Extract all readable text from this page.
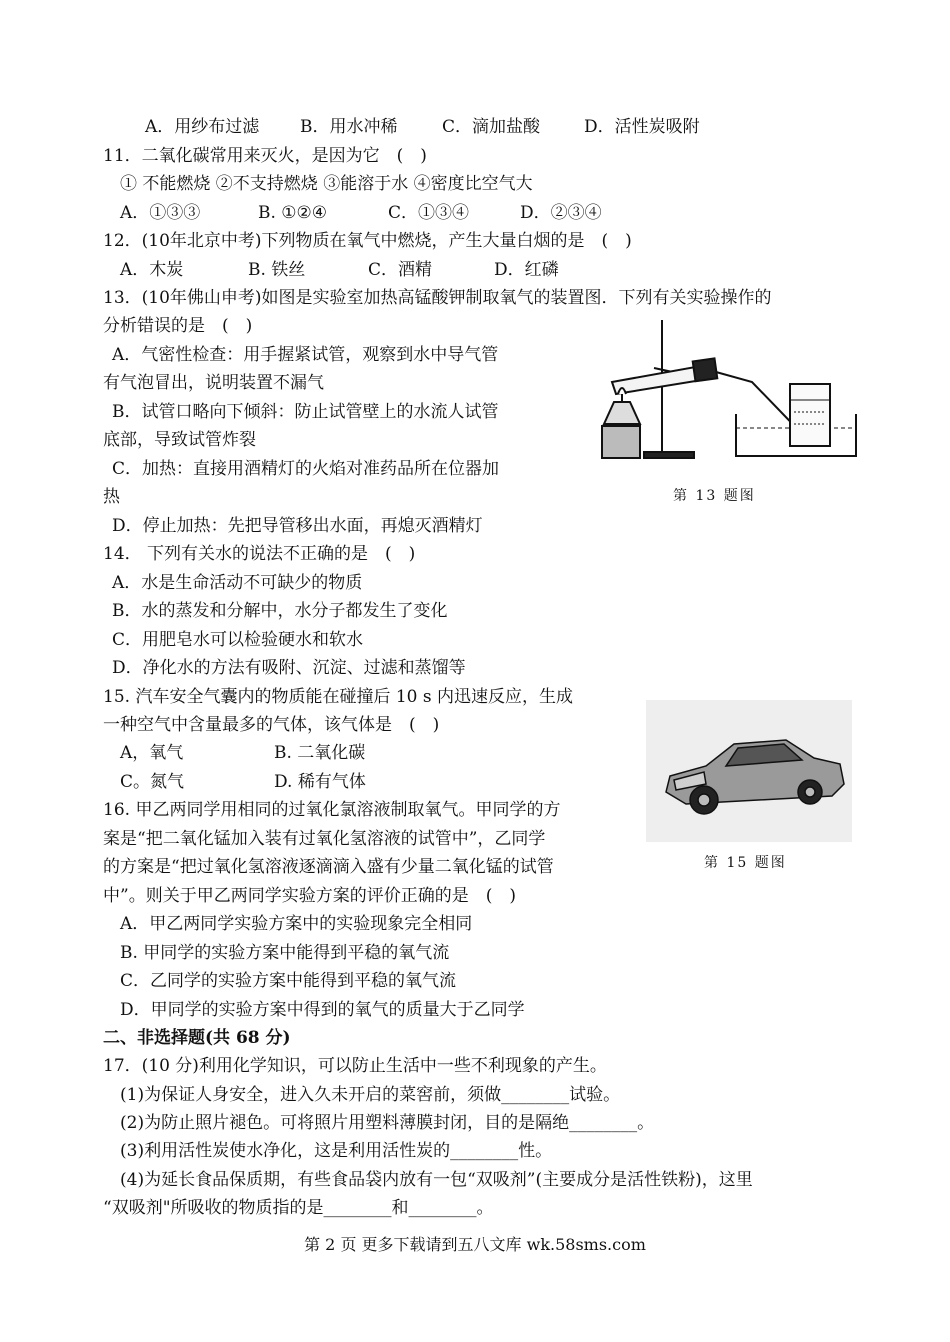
A．用纱布过滤 B．用水冲稀	C．滴加盐酸	D．活性炭吸附
11．二氧化碳常用来灭火，是因为它　(　)
① 不能燃烧 ②不支持燃烧 ③能溶于水 ④密度比空气大
A．①③③	B. ①②④	C．①③④	D．②③④
12．(10年北京中考)下列物质在氧气中燃烧，产生大量白烟的是　(　)
A．木炭	B. 铁丝	C．酒精	D．红磷
13．(10年佛山申考)如图是实验室加热高锰酸钾制取氧气的装置图．下列有关实验操作的
分析错误的是　(　)
A．气密性检查：用手握紧试管，观察到水中导气管
有气泡冒出，说明装置不漏气
B．试管口略向下倾斜：防止试管壁上的水流人试管
底部，导致试管炸裂
C．加热：直接用酒精灯的火焰对准药品所在位器加
热
D．停止加热：先把导管移出水面，再熄灭酒精灯
第 13 题图
14． 下列有关水的说法不正确的是　(　)
A．水是生命活动不可缺少的物质
B．水的蒸发和分解中，水分子都发生了变化
C．用肥皂水可以检验硬水和软水
D．净化水的方法有吸附、沉淀、过滤和蒸馏等
15. 汽车安全气囊内的物质能在碰撞后 10 s 内迅速反应，生成
一种空气中含量最多的气体，该气体是　(　)
A，氧气	B. 二氧化碳
C。氮气	D. 稀有气体
第 15 题图
16. 甲乙两同学用相同的过氧化氯溶液制取氧气。甲同学的方
案是“把二氧化锰加入装有过氧化氢溶液的试管中”，乙同学
的方案是“把过氧化氢溶液逐滴滴入盛有少量二氧化锰的试管
中”。则关于甲乙两同学实验方案的评价正确的是　(　)
A．甲乙两同学实验方案中的实验现象完全相同
B. 甲同学的实验方案中能得到平稳的氧气流
C．乙同学的实验方案中能得到平稳的氧气流
D．甲同学的实验方案中得到的氧气的质量大于乙同学
二、非选择题(共 68 分)
17．(10 分)利用化学知识，可以防止生活中一些不利现象的产生。
(1)为保证人身安全，进入久未开启的菜窖前，须做________试验。
(2)为防止照片褪色。可将照片用塑料薄膜封闭，目的是隔绝________。
(3)利用活性炭使水净化，这是利用活性炭的________性。
(4)为延长食品保质期，有些食品袋内放有一包“双吸剂”(主要成分是活性铁粉)，这里
“双吸剂"所吸收的物质指的是________和________。
第 2 页 更多下载请到五八文库 wk.58sms.com
